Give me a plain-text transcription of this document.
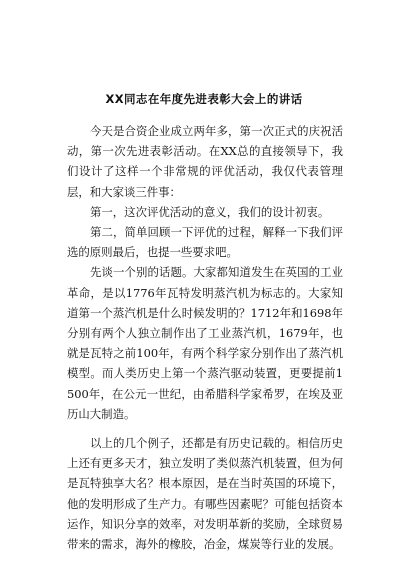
XX同志在年度先进表彰大会上的讲话

今天是合资企业成立两年多，第一次正式的庆祝活动，第一次先进表彰活动。在XX总的直接领导下，我们设计了这样一个非常规的评优活动，我仅代表管理层，和大家谈三件事：

第一，这次评优活动的意义，我们的设计初衷。

第二，简单回顾一下评优的过程，解释一下我们评选的原则最后，也提一些要求吧。

先谈一个别的话题。大家都知道发生在英国的工业革命，是以1776年瓦特发明蒸汽机为标志的。大家知道第一个蒸汽机是什么时候发明的？1712年和1698年分别有两个人独立制作出了工业蒸汽机，1679年，也就是瓦特之前100年，有两个科学家分别作出了蒸汽机模型。而人类历史上第一个蒸汽驱动装置，更要提前1500年，在公元一世纪，由希腊科学家希罗，在埃及亚历山大制造。

以上的几个例子，还都是有历史记载的。相信历史上还有更多天才，独立发明了类似蒸汽机装置，但为何是瓦特独享大名？根本原因，是在当时英国的环境下，他的发明形成了生产力。有哪些因素呢？可能包括资本运作，知识分享的效率，对发明革新的奖励，全球贸易带来的需求，海外的橡胶，冶金，煤炭等行业的发展。
